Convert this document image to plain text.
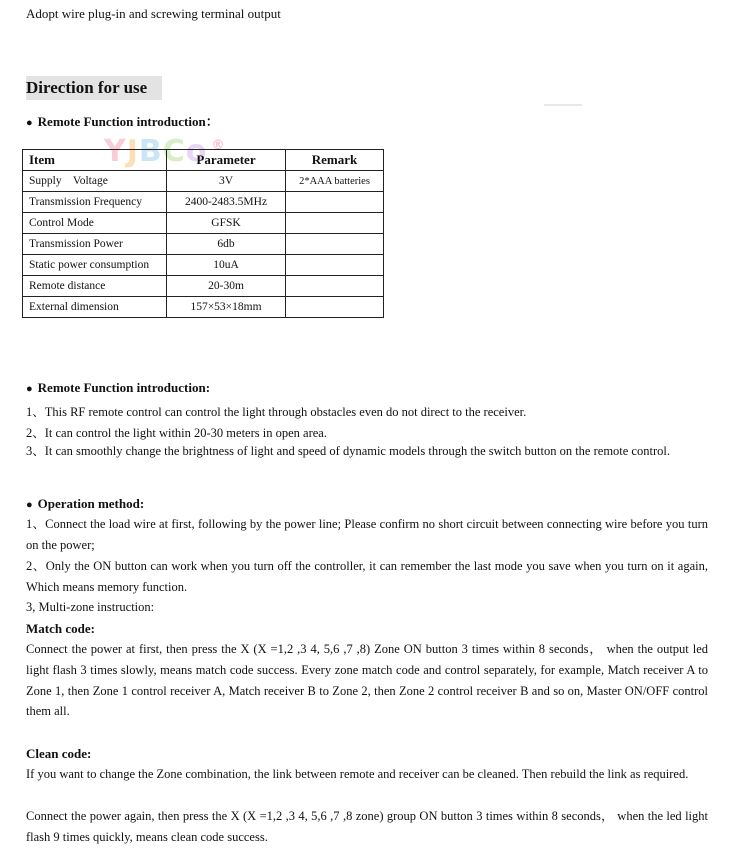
Adopt wire plug-in and screwing terminal output
Direction for use
● Remote Function introduction：
YJBCo ®
Item	Parameter	Remark
Supply    Voltage	3V	2*AAA batteries
Transmission Frequency	2400-2483.5MHz	
Control Mode	GFSK	
Transmission Power	6db	
Static power consumption	10uA	
Remote distance	20-30m	
External dimension	157×53×18mm	
● Remote Function introduction:
1、This RF remote control can control the light through obstacles even do not direct to the receiver.
2、It can control the light within 20-30 meters in open area.
3、It can smoothly change the brightness of light and speed of dynamic models through the switch button on the remote control.
● Operation method:
1、Connect the load wire at first, following by the power line; Please confirm no short circuit between connecting wire before you turn on the power;
2、Only the ON button can work when you turn off the controller, it can remember the last mode you save when you turn on it again, Which means memory function.
3, Multi-zone instruction:
Match code:
Connect the power at first, then press the X (X =1,2 ,3 4, 5,6 ,7 ,8) Zone ON button 3 times within 8 seconds， when the output led light flash 3 times slowly, means match code success. Every zone match code and control separately, for example, Match receiver A to Zone 1, then Zone 1 control receiver A, Match receiver B to Zone 2, then Zone 2 control receiver B and so on, Master ON/OFF control them all.
Clean code:
If you want to change the Zone combination, the link between remote and receiver can be cleaned. Then rebuild the link as required.
Connect the power again, then press the X (X =1,2 ,3 4, 5,6 ,7 ,8 zone) group ON button 3 times within 8 seconds， when the led light flash 9 times quickly, means clean code success.
